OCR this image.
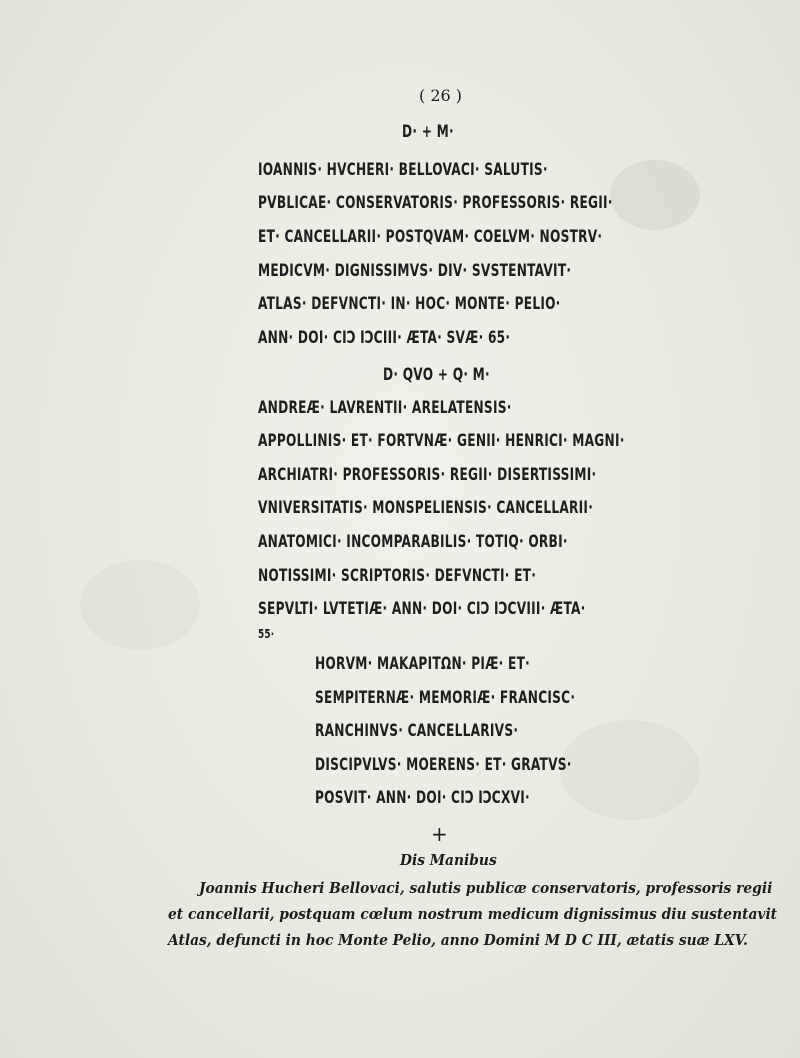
( 26 )
D· + M·
IOANNIS· HVCHERI· BELLOVACI· SALUTIS·
PVBLICAE· CONSERVATORIS· PROFESSORIS· REGII·
ET· CANCELLARII· POSTQVAM· COELVM· NOSTRV·
MEDICVM· DIGNISSIMVS· DIV· SVSTENTAVIT·
ATLAS· DEFVNCTI· IN· HOC· MONTE· PELIO·
ANN· DOI· CIϽ IϽCIII· ÆTA· SVÆ· 65·
D· QVO + Q· M·
ANDREÆ· LAVRENTII· ARELATENSIS·
APPOLLINIS· ET· FORTVNÆ· GENII· HENRICI· MAGNI·
ARCHIATRI· PROFESSORIS· REGII· DISERTISSIMI·
VNIVERSITATIS· MONSPELIENSIS· CANCELLARII·
ANATOMICI· INCOMPARABILIS· TOTIQ· ORBI·
NOTISSIMI· SCRIPTORIS· DEFVNCTI· ET·
SEPVLTI· LVTETIÆ· ANN· DOI· CIϽ IϽCVIII· ÆTA·
55·
HORVM· MAKAPITΩN· PIÆ· ET·
SEMPITERNÆ· MEMORIÆ· FRANCISC·
RANCHINVS· CANCELLARIVS·
DISCIPVLVS· MOERENS· ET· GRATVS·
POSVIT· ANN· DOI· CIϽ IϽCXVI·
+
Dis Manibus
Joannis Hucheri Bellovaci, salutis publicæ conservatoris, professoris regii
et cancellarii, postquam cœlum nostrum medicum dignissimus diu sustentavit
Atlas, defuncti in hoc Monte Pelio, anno Domini M D C III, ætatis suæ LXV.
